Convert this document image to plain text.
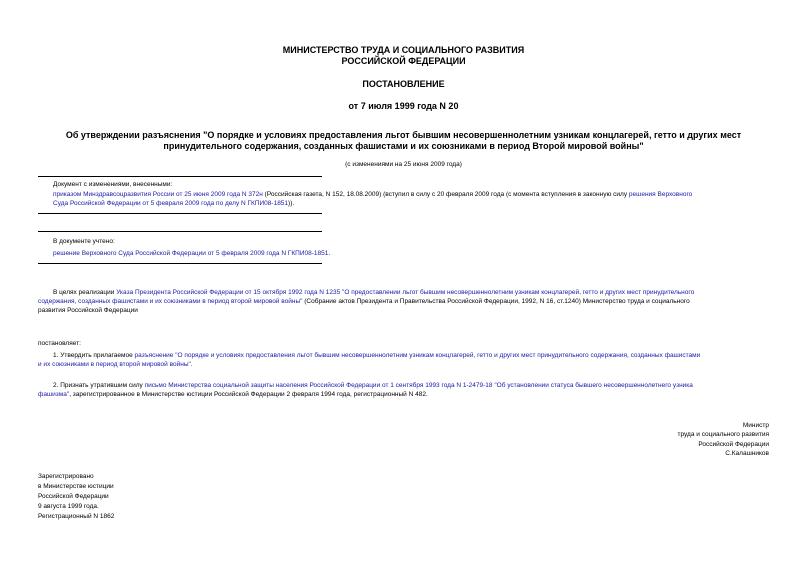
МИНИСТЕРСТВО ТРУДА И СОЦИАЛЬНОГО РАЗВИТИЯ
РОССИЙСКОЙ ФЕДЕРАЦИИ
ПОСТАНОВЛЕНИЕ
от 7 июля 1999 года N 20
Об утверждении разъяснения "О порядке и условиях предоставления льгот бывшим несовершеннолетним узникам концлагерей, гетто и других мест
принудительного содержания, созданных фашистами и их союзниками в период Второй мировой войны"
(с изменениями на 25 июня 2009 года)
Документ с изменениями, внесенными:
приказом Минздравсоцразвития России от 25 июня 2009 года N 372н (Российская газета, N 152, 18.08.2009) (вступил в силу с 20 февраля 2009 года (с момента вступления в законную силу решения Верховного
Суда Российской Федерации от 5 февраля 2009 года по делу N ГКПИ08-1851)).
В документе учтено:
решение Верховного Суда Российской Федерации от 5 февраля 2009 года N ГКПИ08-1851.
В целях реализации Указа Президента Российской Федерации от 15 октября 1992 года N 1235 "О предоставлении льгот бывшим несовершеннолетним узникам концлагерей, гетто и других мест принудительного
содержания, созданных фашистами и их союзниками в период второй мировой войны" (Собрание актов Президента и Правительства Российской Федерации, 1992, N 16, ст.1240) Министерство труда и социального
развития Российской Федерации
постановляет:
1. Утвердить прилагаемое разъяснение "О порядке и условиях предоставления льгот бывшим несовершеннолетним узникам концлагерей, гетто и других мест принудительного содержания, созданных фашистами
и их союзниками в период второй мировой войны".
2. Признать утратившим силу письмо Министерства социальной защиты населения Российской Федерации от 1 сентября 1993 года N 1-2479-18 "Об установлении статуса бывшего несовершеннолетнего узника
фашизма", зарегистрированное в Министерстве юстиции Российской Федерации 2 февраля 1994 года, регистрационный N 482.
Министр
труда и социального развития
Российской Федерации
С.Калашников
Зарегистрировано
в Министерстве юстиции
Российской Федерации
9 августа 1999 года.
Регистрационный N 1862
